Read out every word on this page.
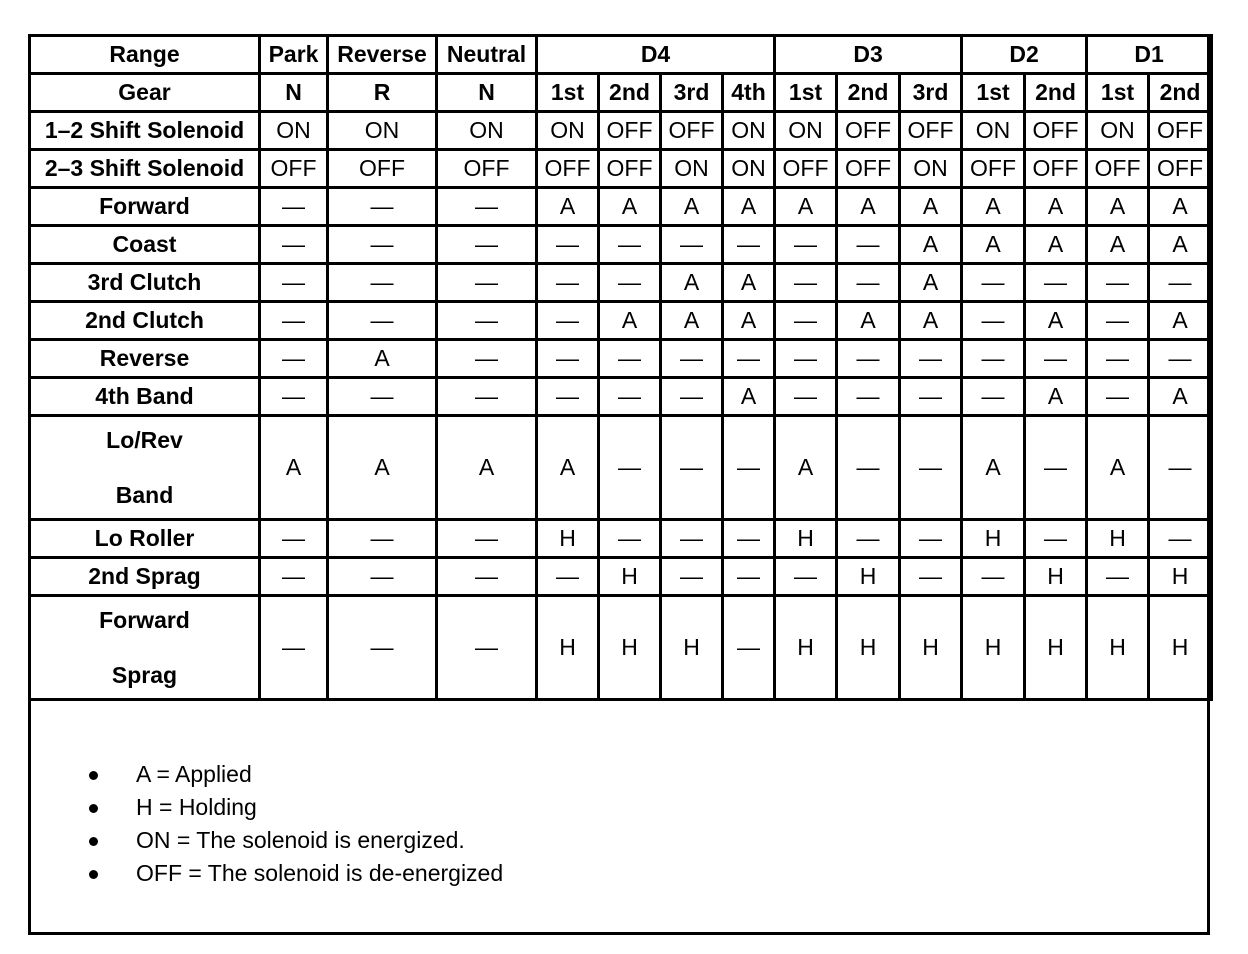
Range	Park	Reverse	Neutral	D4				D3			D2		D1	
Gear	N	R	N	1st	2nd	3rd	4th	1st	2nd	3rd	1st	2nd	1st	2nd
1–2 Shift Solenoid	ON	ON	ON	ON	OFF	OFF	ON	ON	OFF	OFF	ON	OFF	ON	OFF
2–3 Shift Solenoid	OFF	OFF	OFF	OFF	OFF	ON	ON	OFF	OFF	ON	OFF	OFF	OFF	OFF
Forward	—	—	—	A	A	A	A	A	A	A	A	A	A	A
Coast	—	—	—	—	—	—	—	—	—	A	A	A	A	A
3rd Clutch	—	—	—	—	—	A	A	—	—	A	—	—	—	—
2nd Clutch	—	—	—	—	A	A	A	—	A	A	—	A	—	A
Reverse	—	A	—	—	—	—	—	—	—	—	—	—	—	—
4th Band	—	—	—	—	—	—	A	—	—	—	—	A	—	A

Lo/Rev
Band	A	A	A	A	—	—	—	A	—	—	A	—	A	—
Lo Roller	—	—	—	H	—	—	—	H	—	—	H	—	H	—
2nd Sprag	—	—	—	—	H	—	—	—	H	—	—	H	—	H

Forward
Sprag	—	—	—	H	H	H	—	H	H	H	H	H	H	H
A = Applied
H = Holding
ON = The solenoid is energized.
OFF = The solenoid is de-energized
